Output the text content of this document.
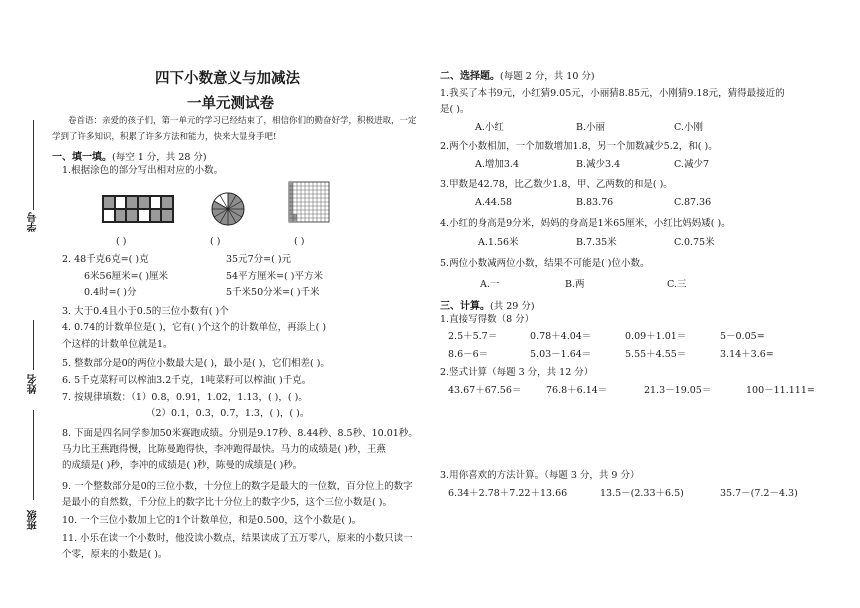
学号
姓名
班级
四下小数意义与加减法
一单元测试卷
卷首语：亲爱的孩子们，第一单元的学习已经结束了，相信你们的勤奋好学，积极进取，一定
学到了许多知识，积累了许多方法和能力，快来大显身手吧!
一、填一填。(每空 1 分，共 28 分)
1.根据涂色的部分写出相对应的小数。
( )	( )	( )
2. 48千克6克=( )克	35元7分=( )元
6米56厘米=( )厘米	54平方厘米=( )平方米
0.4时=( )分	5千米50分米=( )千米
3. 大于0.4且小于0.5的三位小数有( )个
4. 0.74的计数单位是( )，它有( )个这个的计数单位，再添上( )
个这样的计数单位就是1。
5. 整数部分是0的两位小数最大是( )，最小是( )，它们相差( )。
6. 5千克菜籽可以榨油3.2千克，1吨菜籽可以榨油( )千克。
7. 按规律填数：（1）0.8，0.91，1.02，1.13，( )，( )。
（2）0.1，0.3，0.7，1.3，( )，( )。
8. 下面是四名同学参加50米赛跑成绩。分别是9.17秒、8.44秒、8.5秒、10.01秒。
马力比王燕跑得慢，比陈曼跑得快，李冲跑得最快。马力的成绩是( )秒，王燕
的成绩是( )秒，李冲的成绩是( )秒，陈曼的成绩是( )秒。
9. 一个整数部分是0的三位小数，十分位上的数字是最大的一位数，百分位上的数字
是最小的自然数，千分位上的数字比十分位上的数字少5，这个三位小数是( )。
10. 一个三位小数加上它的1个计数单位，和是0.500，这个小数是( )。
11. 小乐在读一个小数时，他没读小数点，结果读成了五万零八，原来的小数只读一
个零，原来的小数是( )。
二、选择题。(每题 2 分，共 10 分)
1.我买了本书9元，小红猜9.05元，小丽猜8.85元，小刚猜9.18元，猜得最接近的
是( )。
A.小红	B.小丽	C.小刚
2.两个小数相加，一个加数增加1.8，另一个加数减少5.2，和( )。
A.增加3.4	B.减少3.4	C.减少7
3.甲数是42.78，比乙数少1.8，甲、乙两数的和是( )。
A.44.58	B.83.76	C.87.36
4.小红的身高是9分米，妈妈的身高是1米65厘米，小红比妈妈矮( )。
A.1.56米	B.7.35米	C.0.75米
5.两位小数减两位小数，结果不可能是( )位小数。
A.一	B.两	C.三
三、计算。(共 29 分)
1.直接写得数（8 分）
2.5＋5.7＝	0.78＋4.04＝	0.09＋1.01＝	5－0.05=
8.6－6＝	5.03－1.64＝	5.55＋4.55＝	3.14＋3.6=
2.竖式计算（每题 3 分，共 12 分）
43.67＋67.56＝	76.8＋6.14＝	21.3－19.05＝	100－11.111=
3.用你喜欢的方法计算。（每题 3 分，共 9 分）
6.34＋2.78＋7.22＋13.66	13.5－(2.33＋6.5)	35.7－(7.2－4.3)
